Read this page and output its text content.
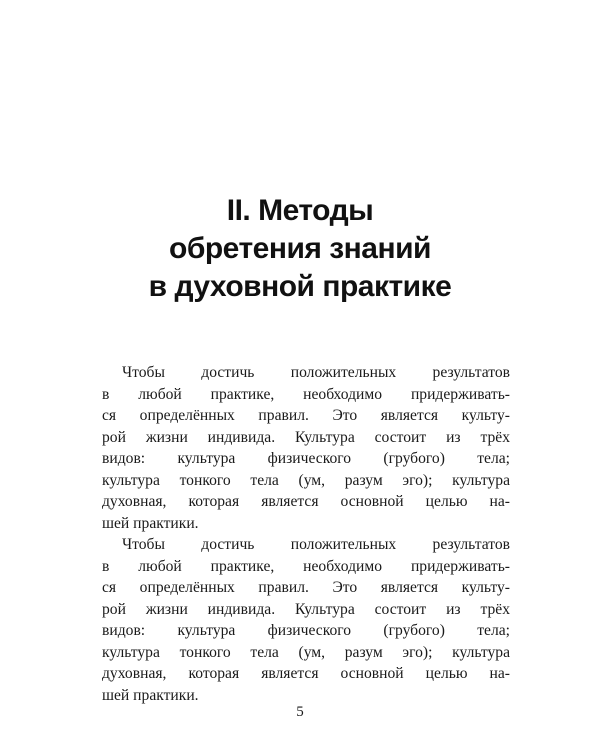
II. Методы
обретения знаний
в духовной практике

Чтобы достичь положительных результатов
в любой практике, необходимо придерживать-
ся определённых правил. Это является культу-
рой жизни индивида. Культура состоит из трёх
видов: культура физического (грубого) тела;
культура тонкого тела (ум, разум эго); культура
духовная, которая является основной целью на-
шей практики.

Чтобы достичь положительных результатов
в любой практике, необходимо придерживать-
ся определённых правил. Это является культу-
рой жизни индивида. Культура состоит из трёх
видов: культура физического (грубого) тела;
культура тонкого тела (ум, разум эго); культура
духовная, которая является основной целью на-
шей практики.

5
